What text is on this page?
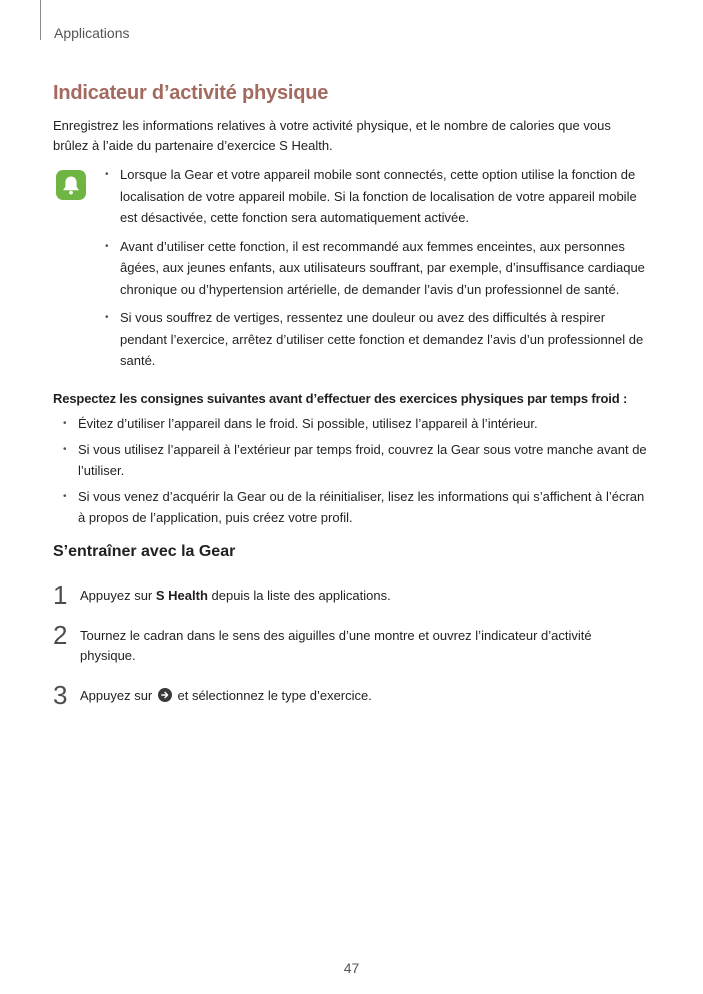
Applications
Indicateur d’activité physique

Enregistrez les informations relatives à votre activité physique, et le nombre de calories que vous brûlez à l’aide du partenaire d’exercice S Health.

• Lorsque la Gear et votre appareil mobile sont connectés, cette option utilise la fonction de localisation de votre appareil mobile. Si la fonction de localisation de votre appareil mobile est désactivée, cette fonction sera automatiquement activée.
• Avant d’utiliser cette fonction, il est recommandé aux femmes enceintes, aux personnes âgées, aux jeunes enfants, aux utilisateurs souffrant, par exemple, d’insuffisance cardiaque chronique ou d’hypertension artérielle, de demander l’avis d’un professionnel de santé.
• Si vous souffrez de vertiges, ressentez une douleur ou avez des difficultés à respirer pendant l’exercice, arrêtez d’utiliser cette fonction et demandez l’avis d’un professionnel de santé.
Respectez les consignes suivantes avant d’effectuer des exercices physiques par temps froid :
• Évitez d’utiliser l’appareil dans le froid. Si possible, utilisez l’appareil à l’intérieur.
• Si vous utilisez l’appareil à l’extérieur par temps froid, couvrez la Gear sous votre manche avant de l’utiliser.
• Si vous venez d’acquérir la Gear ou de la réinitialiser, lisez les informations qui s’affichent à l’écran à propos de l’application, puis créez votre profil.
S’entraîner avec la Gear
1 Appuyez sur S Health depuis la liste des applications.
2 Tournez le cadran dans le sens des aiguilles d’une montre et ouvrez l’indicateur d’activité physique.
3 Appuyez sur  et sélectionnez le type d’exercice.
47
